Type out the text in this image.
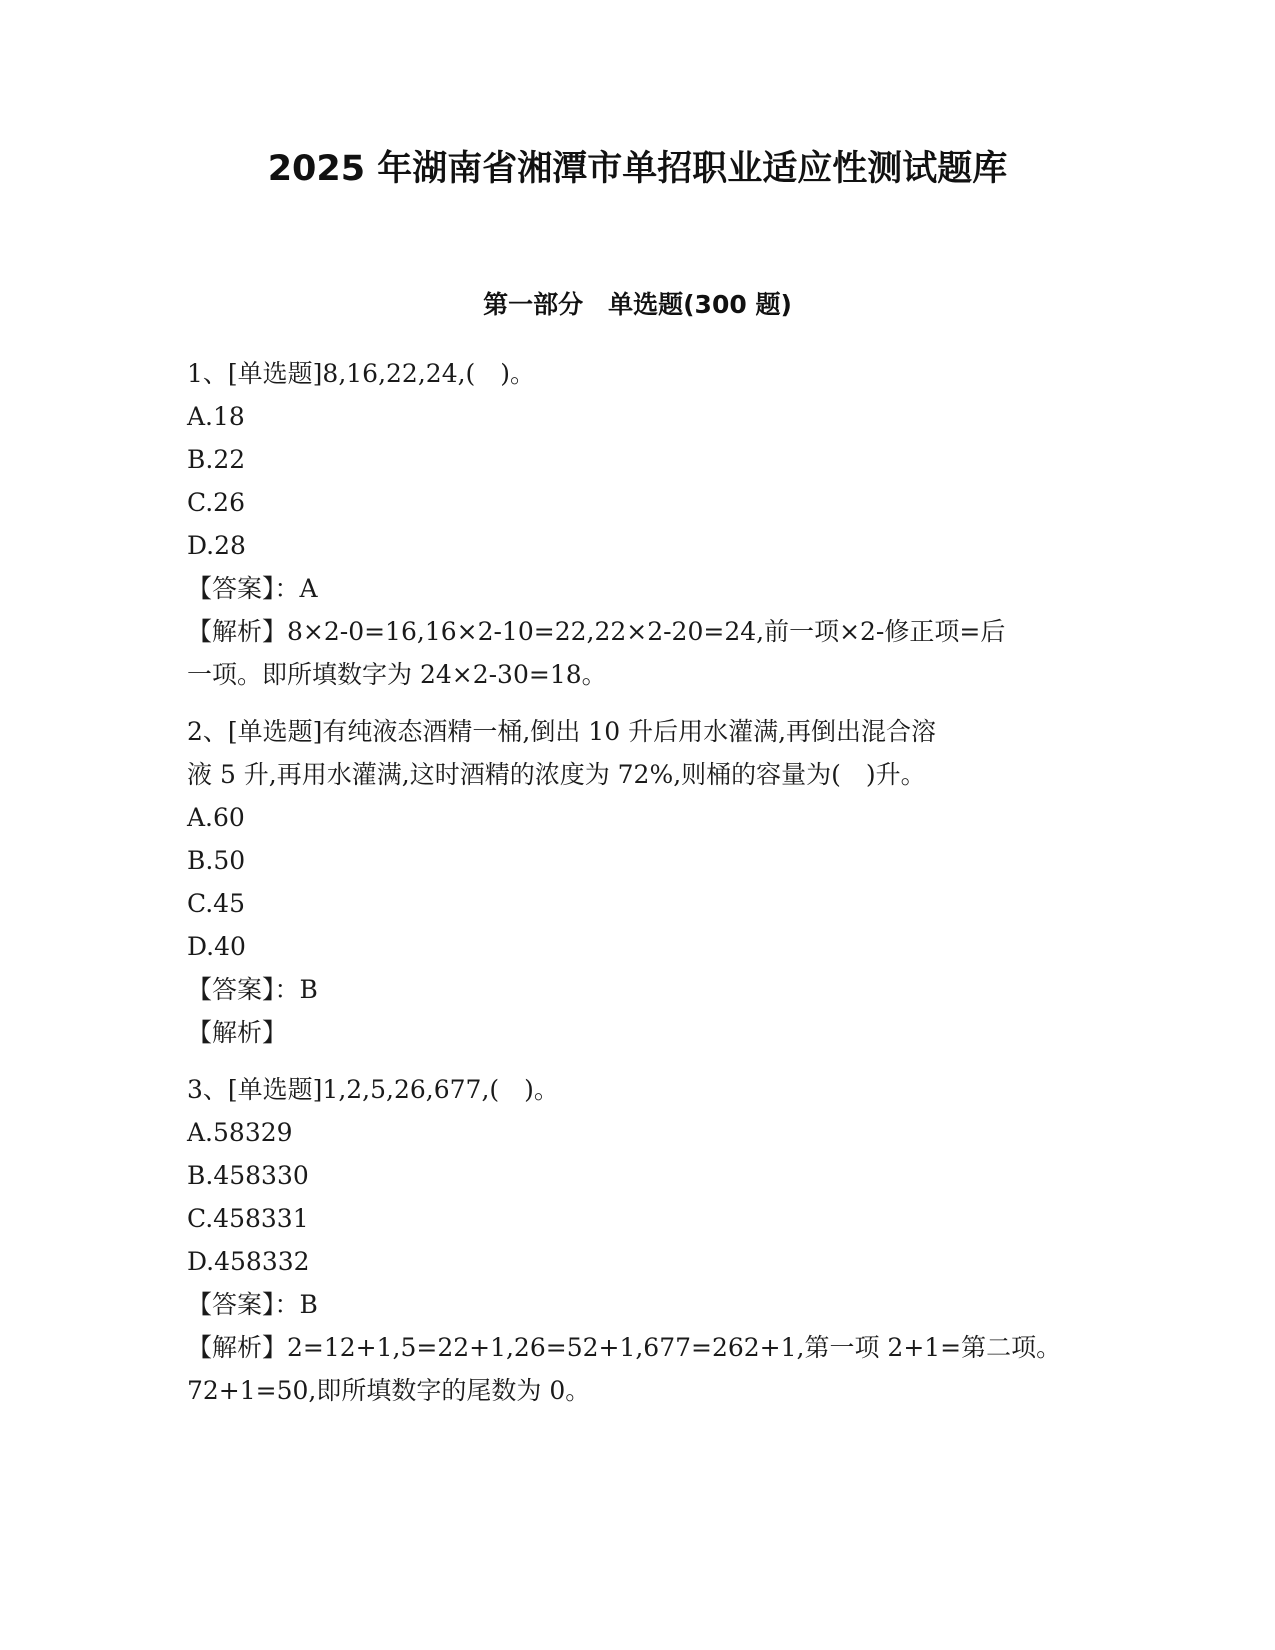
2025 年湖南省湘潭市单招职业适应性测试题库
第一部分　单选题(300 题)
1、[单选题]8,16,22,24,(　)。
A.18
B.22
C.26
D.28
【答案】：A
【解析】8×2-0=16,16×2-10=22,22×2-20=24,前一项×2-修正项=后
一项。即所填数字为 24×2-30=18。
2、[单选题]有纯液态酒精一桶,倒出 10 升后用水灌满,再倒出混合溶
液 5 升,再用水灌满,这时酒精的浓度为 72%,则桶的容量为(　)升。
A.60
B.50
C.45
D.40
【答案】：B
【解析】
3、[单选题]1,2,5,26,677,(　)。
A.58329
B.458330
C.458331
D.458332
【答案】：B
【解析】2=12+1,5=22+1,26=52+1,677=262+1,第一项 2+1=第二项。
72+1=50,即所填数字的尾数为 0。
